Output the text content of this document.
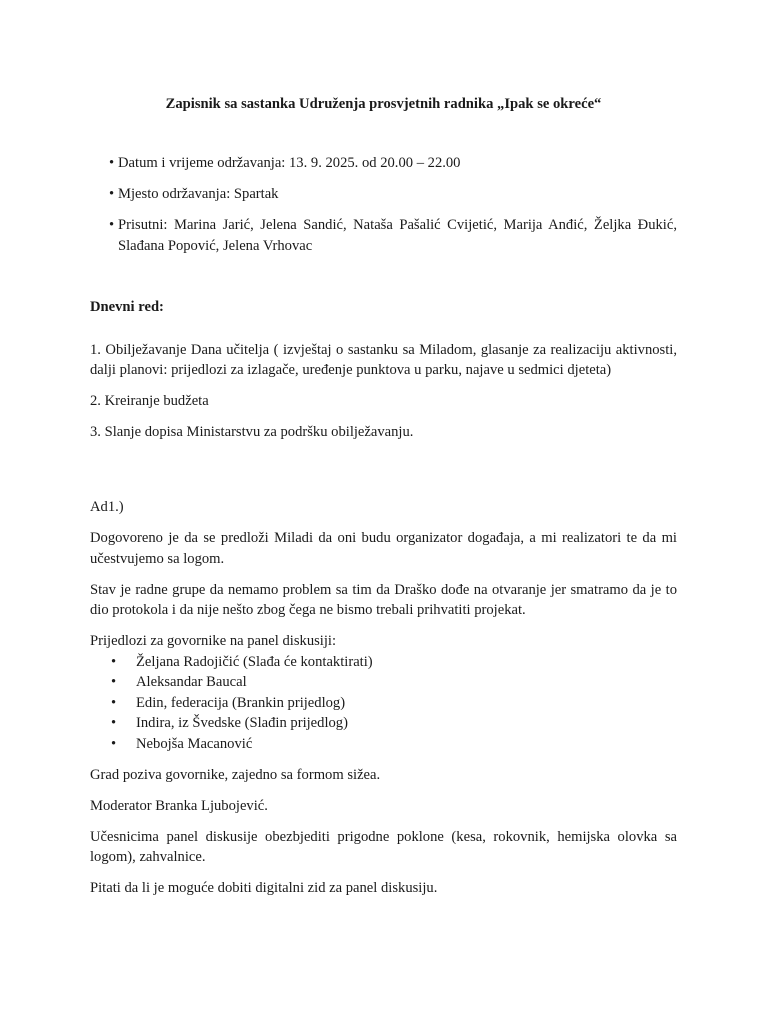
Zapisnik sa sastanka Udruženja prosvjetnih radnika „Ipak se okreće“
• Datum i vrijeme održavanja: 13. 9. 2025. od 20.00 – 22.00
• Mjesto održavanja: Spartak
• Prisutni: Marina Jarić, Jelena Sandić, Nataša Pašalić Cvijetić, Marija Anđić, Željka Đukić, Slađana Popović, Jelena Vrhovac

Dnevni red:

1. Obilježavanje Dana učitelja ( izvještaj o sastanku sa Miladom, glasanje za realizaciju aktivnosti, dalji planovi: prijedlozi za izlagače, uređenje punktova u parku, najave u sedmici djeteta)

2. Kreiranje budžeta

3. Slanje dopisa Ministarstvu za podršku obilježavanju.

Ad1.)

Dogovoreno je da se predloži Miladi da oni budu organizator događaja, a mi realizatori te da mi učestvujemo sa logom.

Stav je radne grupe da nemamo problem sa tim da Draško dođe na otvaranje jer smatramo da je to dio protokola i da nije nešto zbog čega ne bismo trebali prihvatiti projekat.

Prijedlozi za govornike na panel diskusiji:

• Željana Radojičić (Slađa će kontaktirati)
• Aleksandar Baucal
• Edin, federacija (Brankin prijedlog)
• Indira, iz Švedske (Slađin prijedlog)
• Nebojša Macanović

Grad poziva govornike, zajedno sa formom sižea.

Moderator Branka Ljubojević.

Učesnicima panel diskusije obezbjediti prigodne poklone (kesa, rokovnik, hemijska olovka sa logom), zahvalnice.

Pitati da li je moguće dobiti digitalni zid za panel diskusiju.
